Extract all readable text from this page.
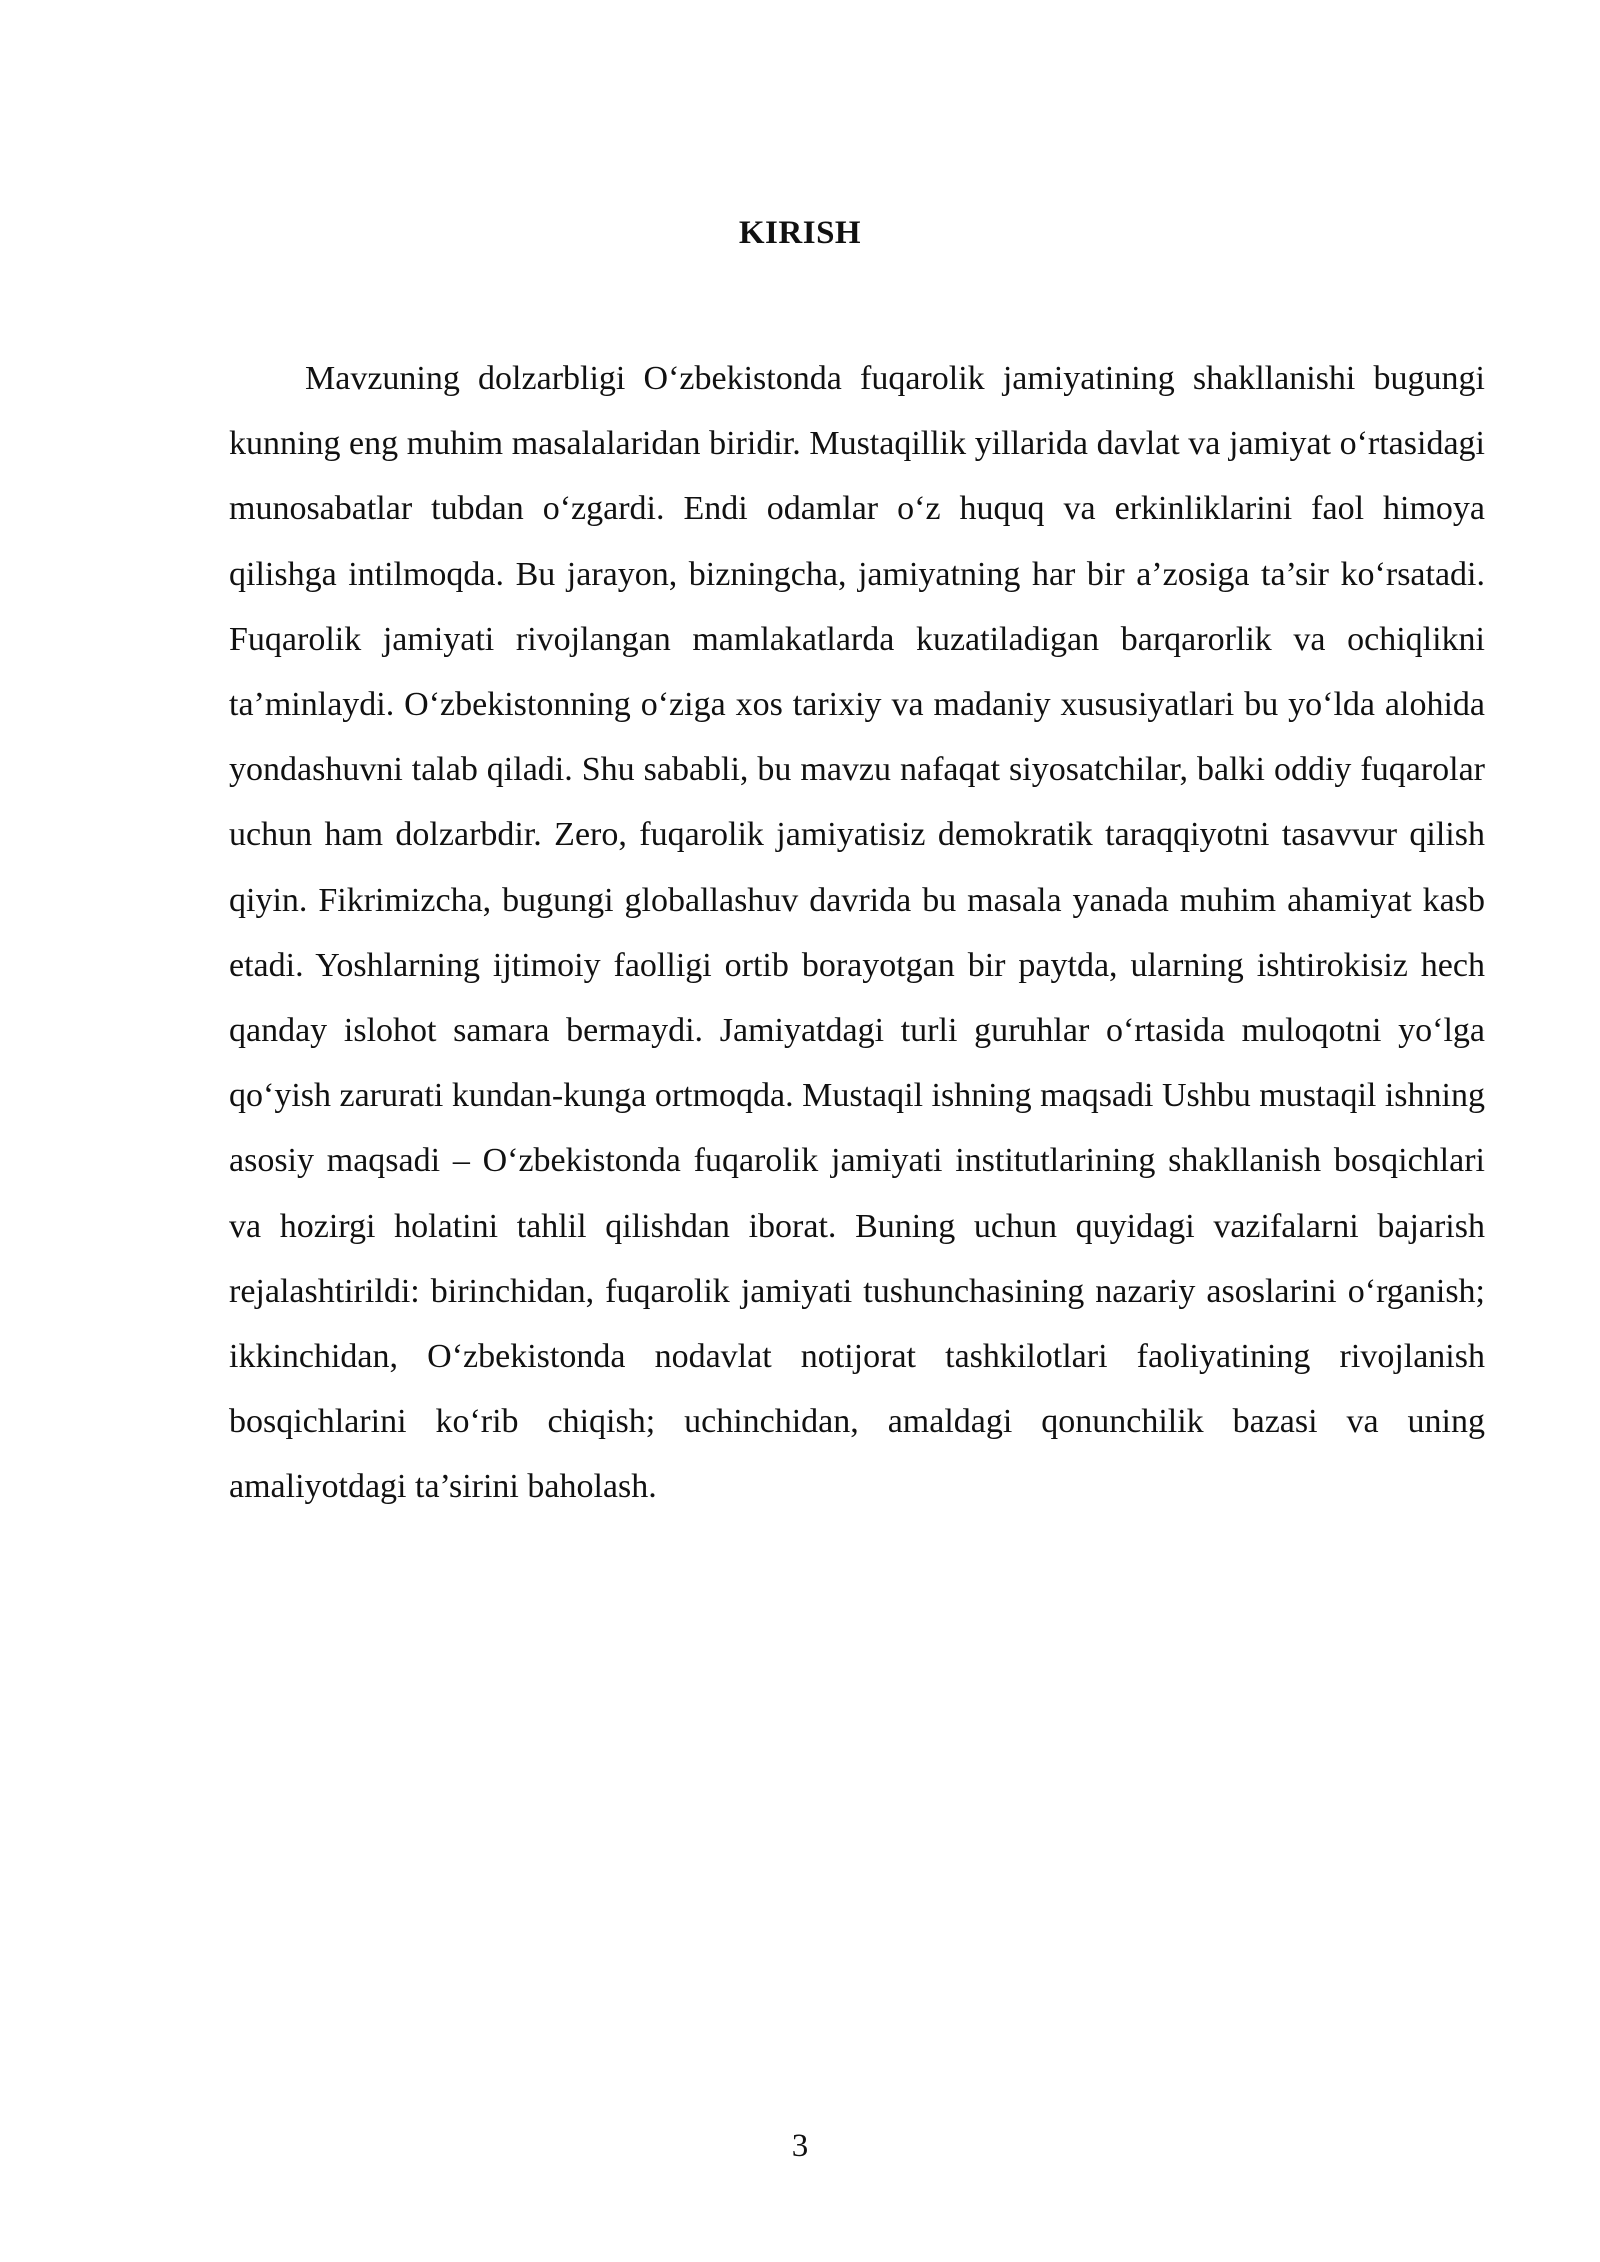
KIRISH

Mavzuning dolzarbligi O‘zbekistonda fuqarolik jamiyatining shakllanishi bugungi kunning eng muhim masalalaridan biridir. Mustaqillik yillarida davlat va jamiyat o‘rtasidagi munosabatlar tubdan o‘zgardi. Endi odamlar o‘z huquq va erkinliklarini faol himoya qilishga intilmoqda. Bu jarayon, bizningcha, jamiyatning har bir a’zosiga ta’sir ko‘rsatadi. Fuqarolik jamiyati rivojlangan mamlakatlarda kuzatiladigan barqarorlik va ochiqlikni ta’minlaydi. O‘zbekistonning o‘ziga xos tarixiy va madaniy xususiyatlari bu yo‘lda alohida yondashuvni talab qiladi. Shu sababli, bu mavzu nafaqat siyosatchilar, balki oddiy fuqarolar uchun ham dolzarbdir. Zero, fuqarolik jamiyatisiz demokratik taraqqiyotni tasavvur qilish qiyin. Fikrimizcha, bugungi globallashuv davrida bu masala yanada muhim ahamiyat kasb etadi. Yoshlarning ijtimoiy faolligi ortib borayotgan bir paytda, ularning ishtirokisiz hech qanday islohot samara bermaydi. Jamiyatdagi turli guruhlar o‘rtasida muloqotni yo‘lga qo‘yish zarurati kundan-kunga ortmoqda. Mustaqil ishning maqsadi Ushbu mustaqil ishning asosiy maqsadi – O‘zbekistonda fuqarolik jamiyati institutlarining shakllanish bosqichlari va hozirgi holatini tahlil qilishdan iborat. Buning uchun quyidagi vazifalarni bajarish rejalashtirildi: birinchidan, fuqarolik jamiyati tushunchasining nazariy asoslarini o‘rganish; ikkinchidan, O‘zbekistonda nodavlat notijorat tashkilotlari faoliyatining rivojlanish bosqichlarini ko‘rib chiqish; uchinchidan, amaldagi qonunchilik bazasi va uning amaliyotdagi ta’sirini baholash.

3
